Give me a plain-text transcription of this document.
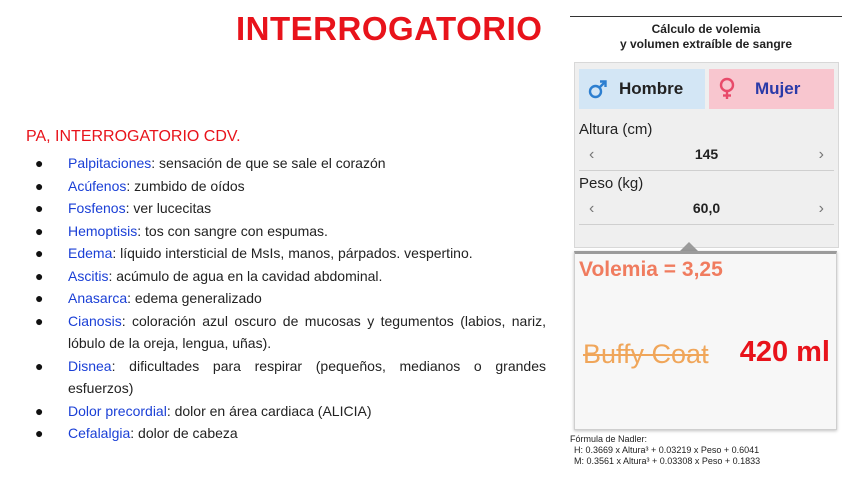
INTERROGATORIO
PA, INTERROGATORIO CDV.
● Palpitaciones: sensación de que se sale el corazón
● Acúfenos: zumbido de oídos
● Fosfenos: ver lucecitas
● Hemoptisis: tos con sangre con espumas.
● Edema: líquido intersticial de MsIs, manos, párpados. vespertino.
● Ascitis: acúmulo de agua en la cavidad abdominal.
● Anasarca: edema generalizado
● Cianosis: coloración azul oscuro de mucosas y tegumentos (labios, nariz, lóbulo de la oreja, lengua, uñas).
● Disnea: dificultades para respirar (pequeños, medianos o grandes esfuerzos)
● Dolor precordial: dolor en área cardiaca (ALICIA)
● Cefalalgia: dolor de cabeza
Cálculo de volemia
y volumen extraíble de sangre
Hombre	Mujer
Altura (cm)
‹	145	›
Peso (kg)
‹	60,0	›
Volemia = 3,25
Buffy Coat 420 ml
Fórmula de Nadler:
H: 0.3669 x Altura³ + 0.03219 x Peso + 0.6041
M: 0.3561 x Altura³ + 0.03308 x Peso + 0.1833
